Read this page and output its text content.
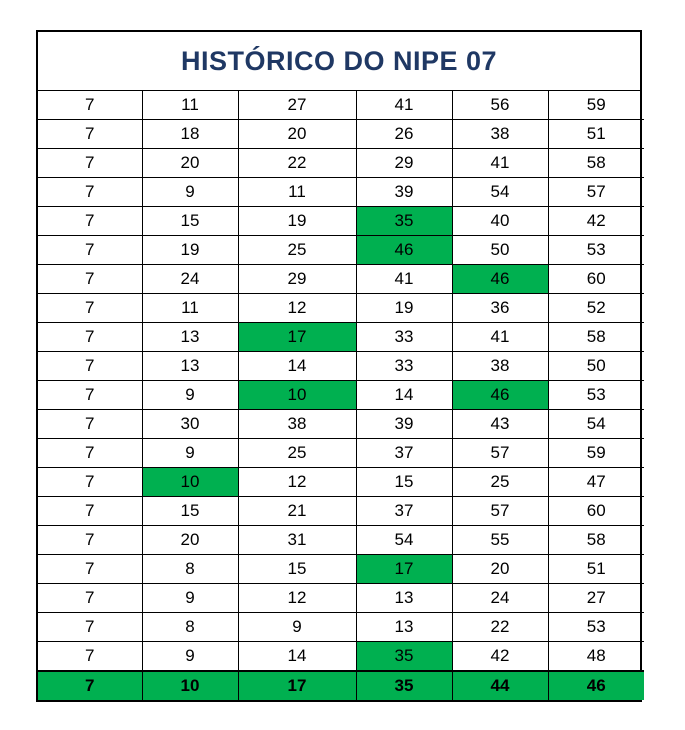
HISTÓRICO DO NIPE 07
7	11	27	41	56	59
7	18	20	26	38	51
7	20	22	29	41	58
7	9	11	39	54	57
7	15	19	35	40	42
7	19	25	46	50	53
7	24	29	41	46	60
7	11	12	19	36	52
7	13	17	33	41	58
7	13	14	33	38	50
7	9	10	14	46	53
7	30	38	39	43	54
7	9	25	37	57	59
7	10	12	15	25	47
7	15	21	37	57	60
7	20	31	54	55	58
7	8	15	17	20	51
7	9	12	13	24	27
7	8	9	13	22	53
7	9	14	35	42	48
7	10	17	35	44	46
